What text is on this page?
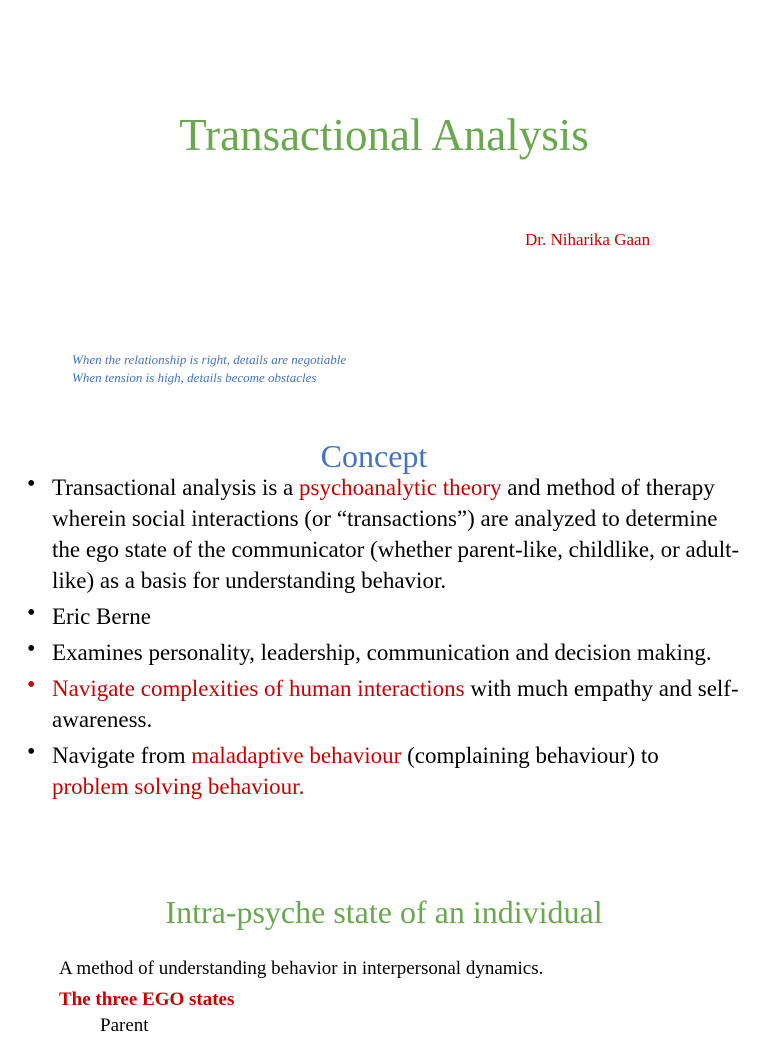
Transactional Analysis
Dr. Niharika Gaan
When the relationship is right, details are negotiable
When tension is high, details become obstacles
Concept
• Transactional analysis is a psychoanalytic theory and method of therapy wherein social interactions (or “transactions”) are analyzed to determine the ego state of the communicator (whether parent-like, childlike, or adult-like) as a basis for understanding behavior.
• Eric Berne
• Examines personality, leadership, communication and decision making.
• Navigate complexities of human interactions with much empathy and self-awareness.
• Navigate from maladaptive behaviour (complaining behaviour) to problem solving behaviour.
Intra-psyche state of an individual
A method of understanding behavior in interpersonal dynamics.
The three EGO states
Parent
